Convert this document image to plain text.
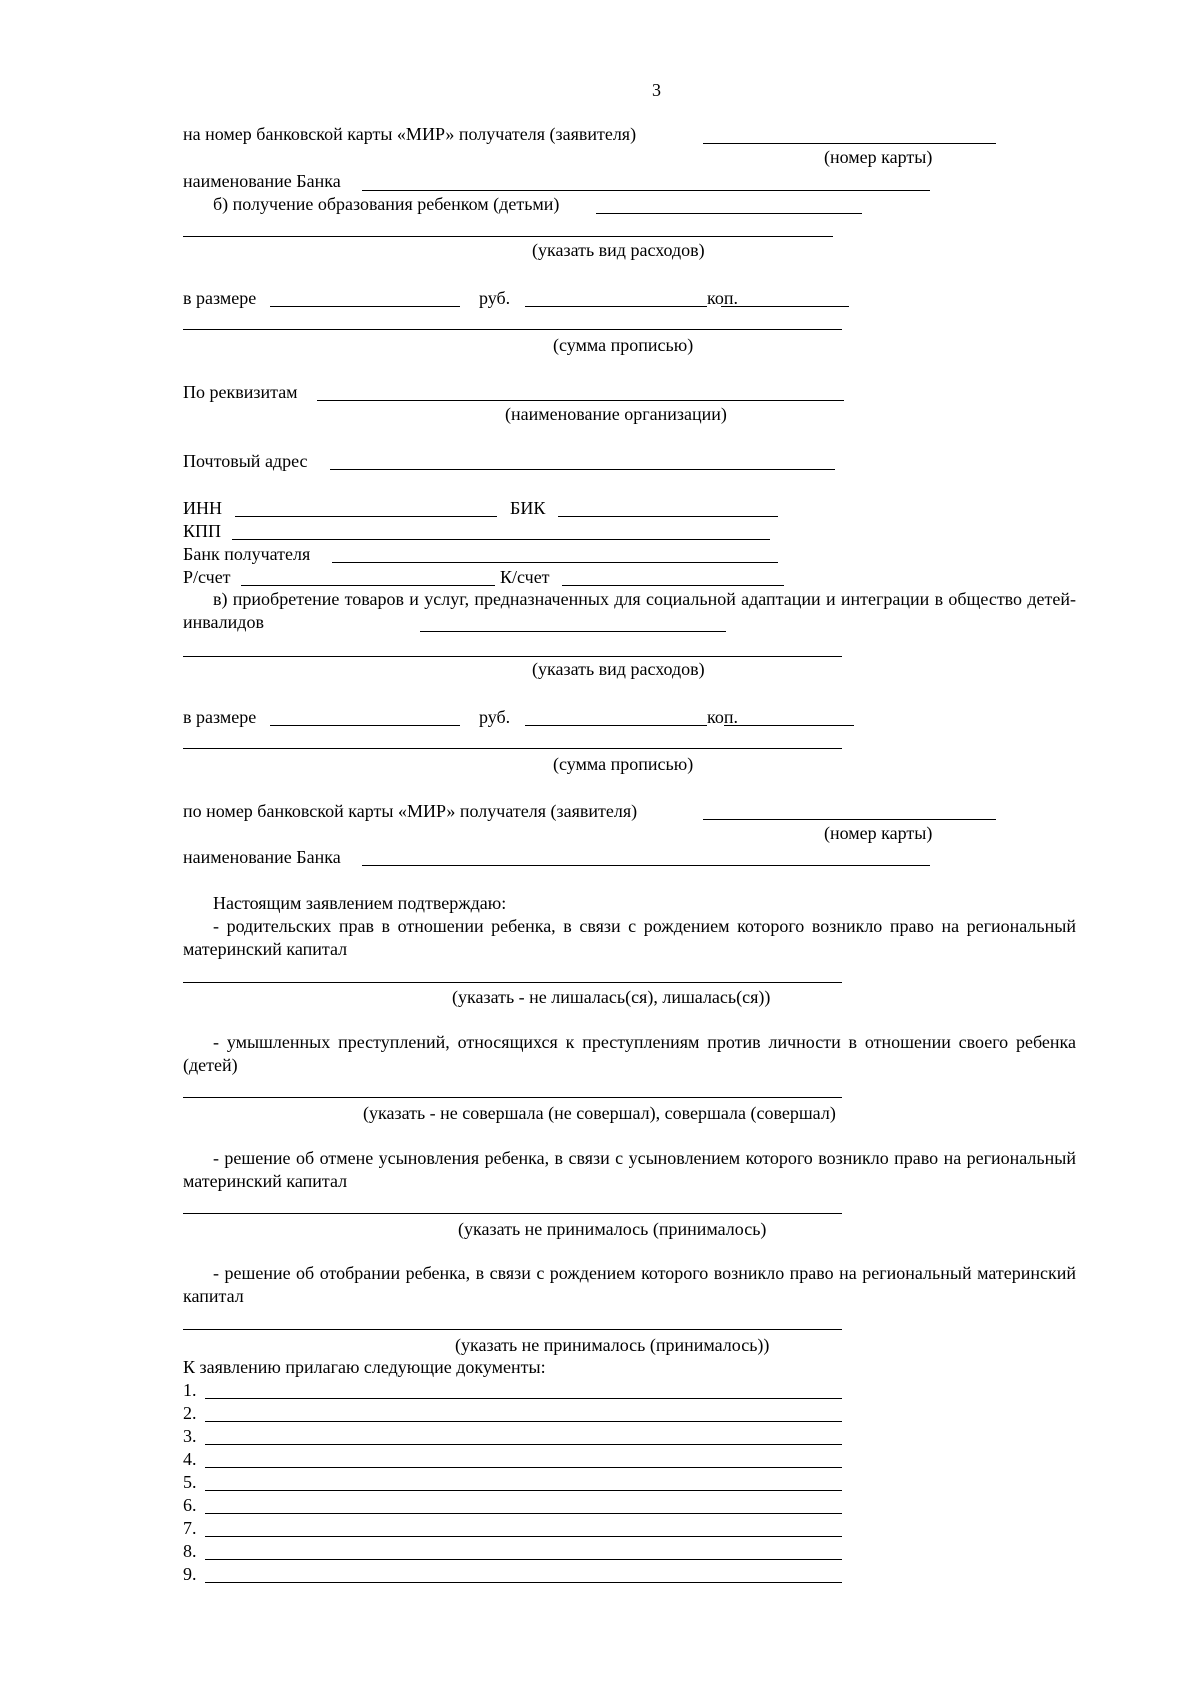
3
на номер банковской карты «МИР» получателя (заявителя)
(номер карты)
наименование Банка
б) получение образования ребенком (детьми)
(указать вид расходов)
в размере	руб.	коп.
(сумма прописью)
По реквизитам
(наименование организации)
Почтовый адрес
ИНН	БИК
КПП
Банк получателя
Р/счет	К/счет
в) приобретение товаров и услуг, предназначенных для социальной адаптации и интеграции в общество детей-инвалидов
(указать вид расходов)
в размере	руб.	коп.
(сумма прописью)
по номер банковской карты «МИР» получателя (заявителя)
(номер карты)
наименование Банка
Настоящим заявлением подтверждаю:
- родительских прав в отношении ребенка, в связи с рождением которого возникло право на региональный материнский капитал
(указать - не лишалась(ся), лишалась(ся))
- умышленных преступлений, относящихся к преступлениям против личности в отношении своего ребенка (детей)
(указать - не совершала (не совершал), совершала (совершал)
- решение об отмене усыновления ребенка, в связи с усыновлением которого возникло право на региональный материнский капитал
(указать не принималось (принималось)
- решение об отобрании ребенка, в связи с рождением которого возникло право на региональный материнский капитал
(указать не принималось (принималось))
К заявлению прилагаю следующие документы:
1.
2.
3.
4.
5.
6.
7.
8.
9.
